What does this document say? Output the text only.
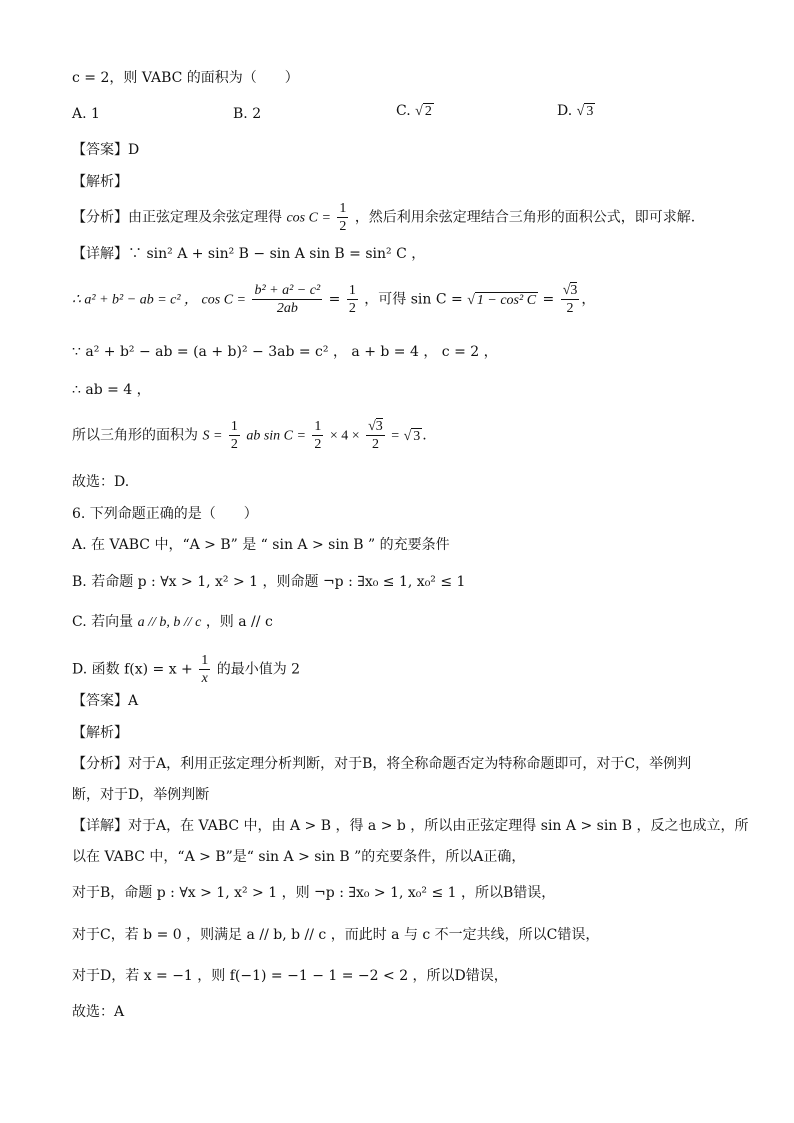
c = 2，则 VABC 的面积为（　　）
A. 1	B. 2	C. √ 2	D. √ 3
【答案】D
【解析】
【分析】由正弦定理及余弦定理得 $\cos C = \frac{1}{2}$ ，然后利用余弦定理结合三角形的面积公式，即可求解.
【详解】∵ sin² A + sin² B − sin A sin B = sin² C ，
∴ a² + b² − ab = c² ， $\cos C = \frac{\text{b² + a² − c²}}{2ab} = \frac{1}{2}$ ，可得 sin C = √ 1 − cos² $C = \frac{√3}{2}$ ，
∵ a² + b² − ab = (a + b)² − 3ab = c² ， a + b = 4 ， c = 2 ，
∴ ab = 4 ，
所以三角形的面积为 $S = \frac{1}{2}$ ab $\sin C = \frac{1}{2} \times 4 \times \frac{√3}{2}$ = √ 3 .
故选：D.
6. 下列命题正确的是（　　）
A. 在 VABC 中，“A > B” 是 “ sin A > sin B ” 的充要条件
B. 若命题 p : ∀x > 1, x² > 1 ，则命题 ¬p : ∃x₀ ≤ 1, x₀² ≤ 1
C. 若向量 a // b, b // c ，则 a // c
D. 函数 $f(x) = x + \frac{1}{x}$ 的最小值为 2
【答案】A
【解析】
【分析】对于A，利用正弦定理分析判断，对于B，将全称命题否定为特称命题即可，对于C，举例判
断，对于D，举例判断
【详解】对于A，在 VABC 中，由 A > B ，得 a > b ，所以由正弦定理得 sin A > sin B ，反之也成立，所
以在 VABC 中，“A > B”是“ sin A > sin B ”的充要条件，所以A正确，
对于B，命题 p : ∀x > 1, x² > 1 ，则 ¬p : ∃x₀ > 1, x₀² ≤ 1 ，所以B错误，
对于C，若 b = 0 ，则满足 a // b, b // c ，而此时 a 与 c 不一定共线，所以C错误，
对于D，若 x = −1 ，则 f(−1) = −1 − 1 = −2 < 2 ，所以D错误，
故选：A
